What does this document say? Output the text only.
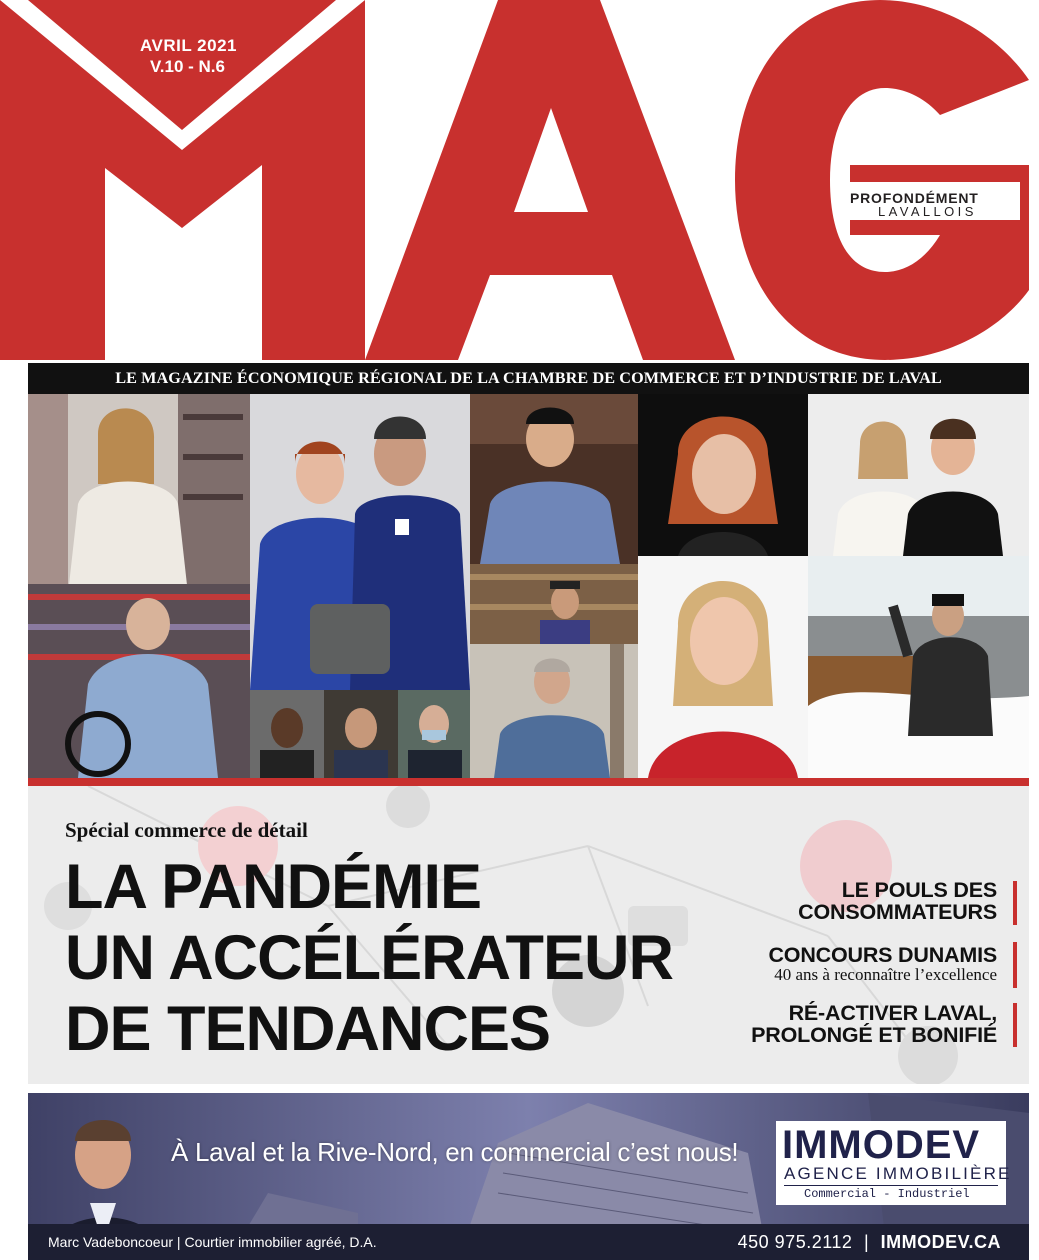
AVRIL 2021
V.10 - N.6
EN COLLABORATION AVEC
COURRIER
LAVAL.com
PROFONDÉMENT
LAVALLOIS
LE MAGAZINE ÉCONOMIQUE RÉGIONAL DE LA CHAMBRE DE COMMERCE ET D’INDUSTRIE DE LAVAL
Spécial commerce de détail
LA PANDÉMIE
UN ACCÉLÉRATEUR
DE TENDANCES
LE POULS DES
CONSOMMATEURS
CONCOURS DUNAMIS
40 ans à reconnaître l’excellence
RÉ-ACTIVER LAVAL,
PROLONGÉ ET BONIFIÉ
À Laval et la Rive-Nord, en commercial c’est nous! IMMODEV
AGENCE IMMOBILIÈRE
Commercial - Industriel
Marc Vadeboncoeur | Courtier immobilier agréé, D.A.	450 975.2112 | IMMODEV.CA
